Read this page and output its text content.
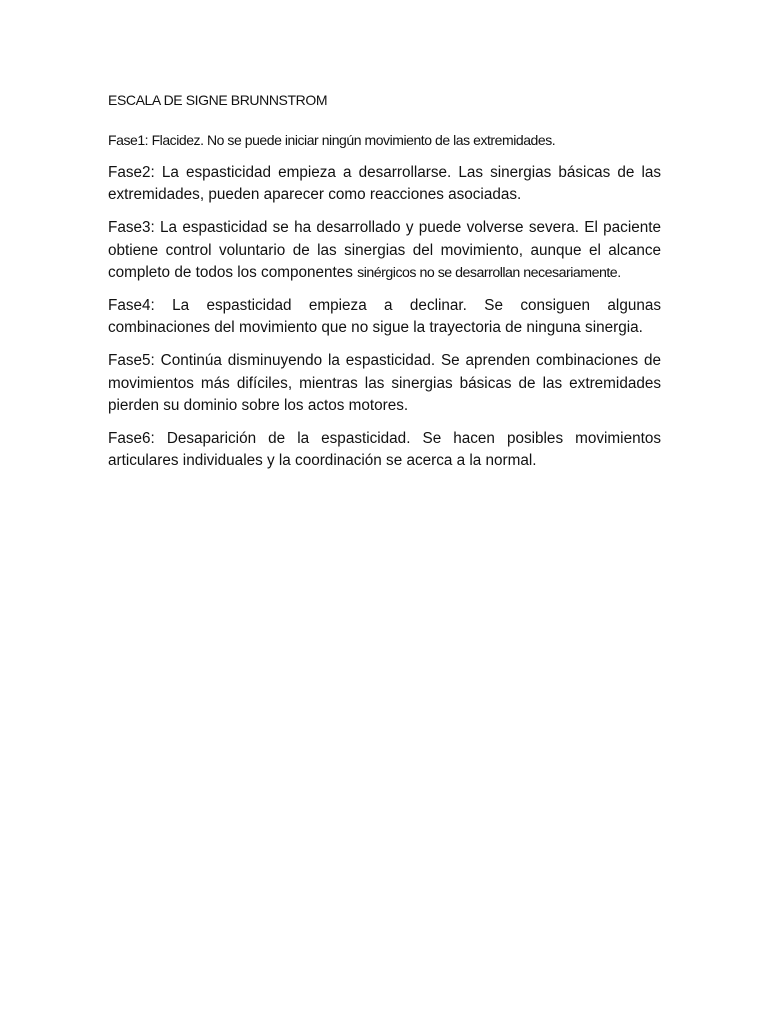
ESCALA DE SIGNE BRUNNSTROM

Fase1: Flacidez. No se puede iniciar ningún movimiento de las extremidades.

Fase2: La espasticidad empieza a desarrollarse. Las sinergias básicas de las extremidades, pueden aparecer como reacciones asociadas.

Fase3: La espasticidad se ha desarrollado y puede volverse severa. El paciente obtiene control voluntario de las sinergias del movimiento, aunque el alcance completo de todos los componentes sinérgicos no se desarrollan necesariamente.

Fase4: La espasticidad empieza a declinar. Se consiguen algunas combinaciones del movimiento que no sigue la trayectoria de ninguna sinergia.

Fase5: Continúa disminuyendo la espasticidad. Se aprenden combinaciones de movimientos más difíciles, mientras las sinergias básicas de las extremidades pierden su dominio sobre los actos motores.

Fase6: Desaparición de la espasticidad. Se hacen posibles movimientos articulares individuales y la coordinación se acerca a la normal.
